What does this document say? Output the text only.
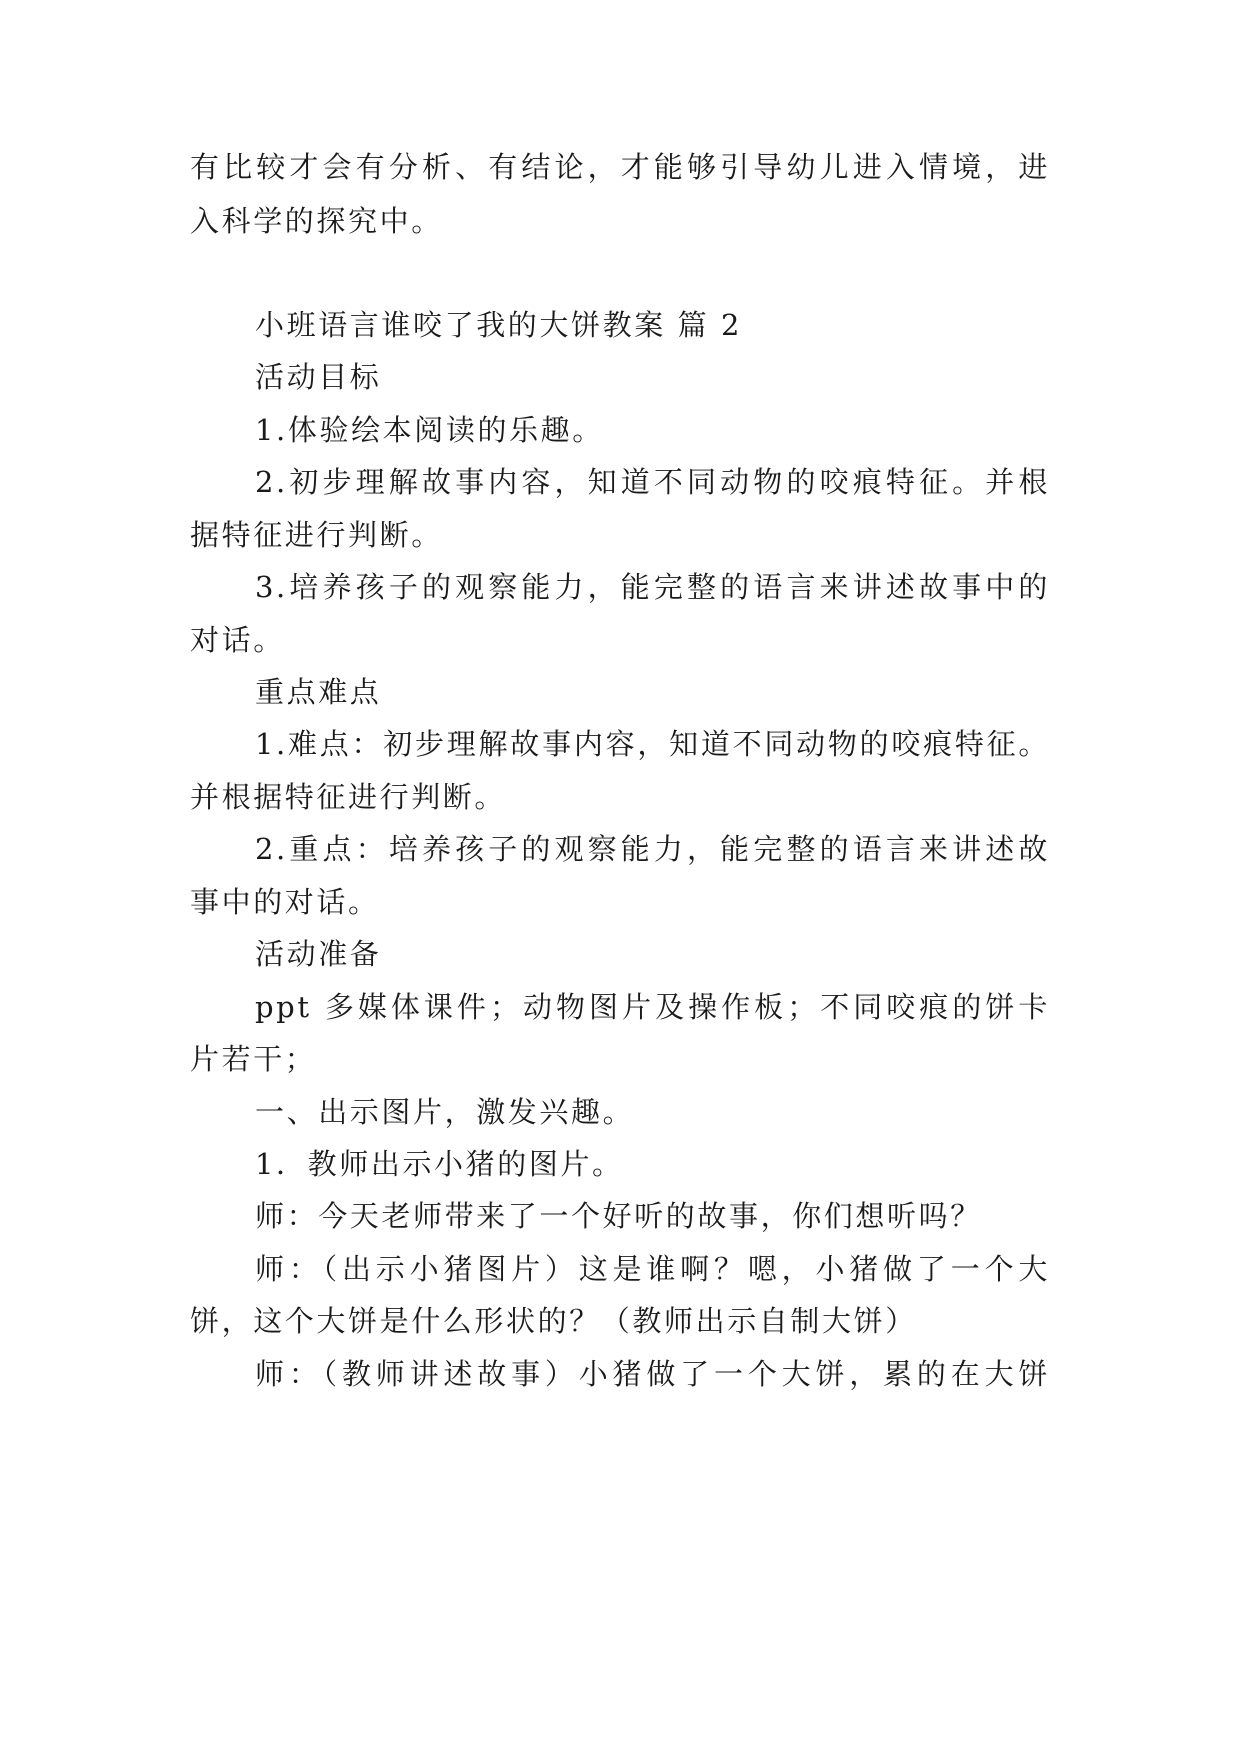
有比较才会有分析、有结论，才能够引导幼儿进入情境，进
入科学的探究中。
小班语言谁咬了我的大饼教案 篇 2
活动目标
1.体验绘本阅读的乐趣。
2.初步理解故事内容，知道不同动物的咬痕特征。并根
据特征进行判断。
3.培养孩子的观察能力，能完整的语言来讲述故事中的
对话。
重点难点
1.难点：初步理解故事内容，知道不同动物的咬痕特征。
并根据特征进行判断。
2.重点：培养孩子的观察能力，能完整的语言来讲述故
事中的对话。
活动准备
ppt 多媒体课件；动物图片及操作板；不同咬痕的饼卡
片若干；
一、出示图片，激发兴趣。
1．教师出示小猪的图片。
师：今天老师带来了一个好听的故事，你们想听吗？
师：（出示小猪图片）这是谁啊？嗯，小猪做了一个大
饼，这个大饼是什么形状的？（教师出示自制大饼）
师：（教师讲述故事）小猪做了一个大饼，累的在大饼
